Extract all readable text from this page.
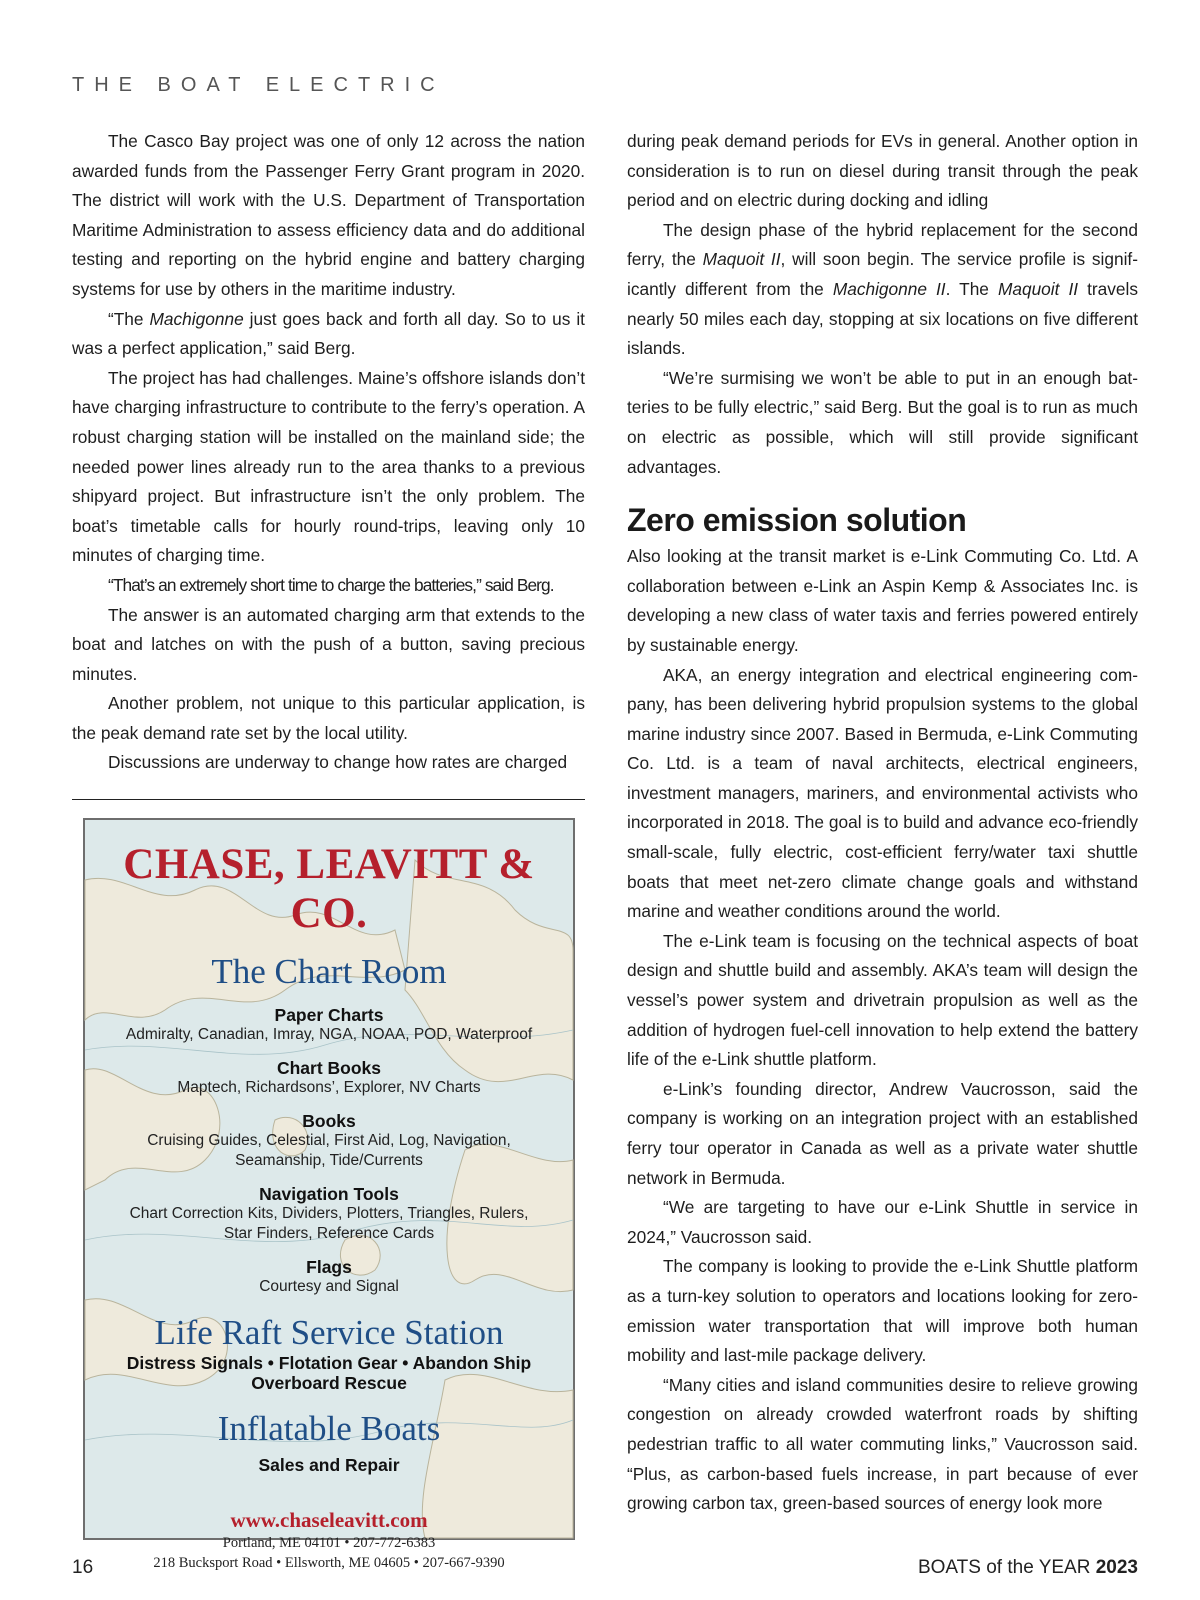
THE BOAT ELECTRIC

The Casco Bay project was one of only 12 across the nation awarded funds from the Passenger Ferry Grant program in 2020. The district will work with the U.S. Department of Transportation Maritime Administration to assess efficiency data and do additional testing and reporting on the hybrid engine and battery charging systems for use by others in the maritime industry.

“The Machigonne just goes back and forth all day. So to us it was a perfect application,” said Berg.

The project has had challenges. Maine’s offshore islands don’t have charging infrastructure to contribute to the ferry’s operation. A robust charging station will be installed on the mainland side; the needed power lines already run to the area thanks to a previous shipyard project. But infrastructure isn’t the only problem. The boat’s timetable calls for hourly round-trips, leaving only 10 minutes of charging time.

“That’s an extremely short time to charge the batteries,” said Berg.

The answer is an automated charging arm that extends to the boat and latches on with the push of a button, saving precious minutes.

Another problem, not unique to this particular application, is the peak demand rate set by the local utility.

Discussions are underway to change how rates are charged

during peak demand periods for EVs in general. Another option in consideration is to run on diesel during transit through the peak period and on electric during docking and idling

The design phase of the hybrid replacement for the second ferry, the Maquoit II, will soon begin. The service profile is significantly different from the Machigonne II. The Maquoit II travels nearly 50 miles each day, stopping at six locations on five different islands.

“We’re surmising we won’t be able to put in an enough batteries to be fully electric,” said Berg. But the goal is to run as much on electric as possible, which will still provide significant advantages.

Zero emission solution

Also looking at the transit market is e-Link Commuting Co. Ltd. A collaboration between e-Link an Aspin Kemp & Associates Inc. is developing a new class of water taxis and ferries powered entirely by sustainable energy.

AKA, an energy integration and electrical engineering company, has been delivering hybrid propulsion systems to the global marine industry since 2007. Based in Bermuda, e-Link Commuting Co. Ltd. is a team of naval architects, electrical engineers, investment managers, mariners, and environmental activists who incorporated in 2018. The goal is to build and advance eco-friendly small-scale, fully electric, cost-efficient ferry/water taxi shuttle boats that meet net-zero climate change goals and withstand marine and weather conditions around the world.

The e-Link team is focusing on the technical aspects of boat design and shuttle build and assembly. AKA’s team will design the vessel’s power system and drivetrain propulsion as well as the addition of hydrogen fuel-cell innovation to help extend the battery life of the e-Link shuttle platform.

e-Link’s founding director, Andrew Vaucrosson, said the company is working on an integration project with an established ferry tour operator in Canada as well as a private water shuttle network in Bermuda.

“We are targeting to have our e-Link Shuttle in service in 2024,” Vaucrosson said.

The company is looking to provide the e-Link Shuttle platform as a turn-key solution to operators and locations looking for zero-emission water transportation that will improve both human mobility and last-mile package delivery.

“Many cities and island communities desire to relieve growing congestion on already crowded waterfront roads by shifting pedestrian traffic to all water commuting links,” Vaucrosson said. “Plus, as carbon-based fuels increase, in part because of ever growing carbon tax, green-based sources of energy look more

CHASE, LEAVITT & CO.
The Chart Room
Paper Charts
Admiralty, Canadian, Imray, NGA, NOAA, POD, Waterproof
Chart Books
Maptech, Richardsons’, Explorer, NV Charts
Books
Cruising Guides, Celestial, First Aid, Log, Navigation,
Seamanship, Tide/Currents
Navigation Tools
Chart Correction Kits, Dividers, Plotters, Triangles, Rulers,
Star Finders, Reference Cards
Flags
Courtesy and Signal
Life Raft Service Station
Distress Signals • Flotation Gear • Abandon Ship
Overboard Rescue
Inflatable Boats
Sales and Repair
www.chaseleavitt.com
Portland, ME 04101 • 207-772-6383
218 Bucksport Road • Ellsworth, ME 04605 • 207-667-9390
16	BOATS of the YEAR 2023
